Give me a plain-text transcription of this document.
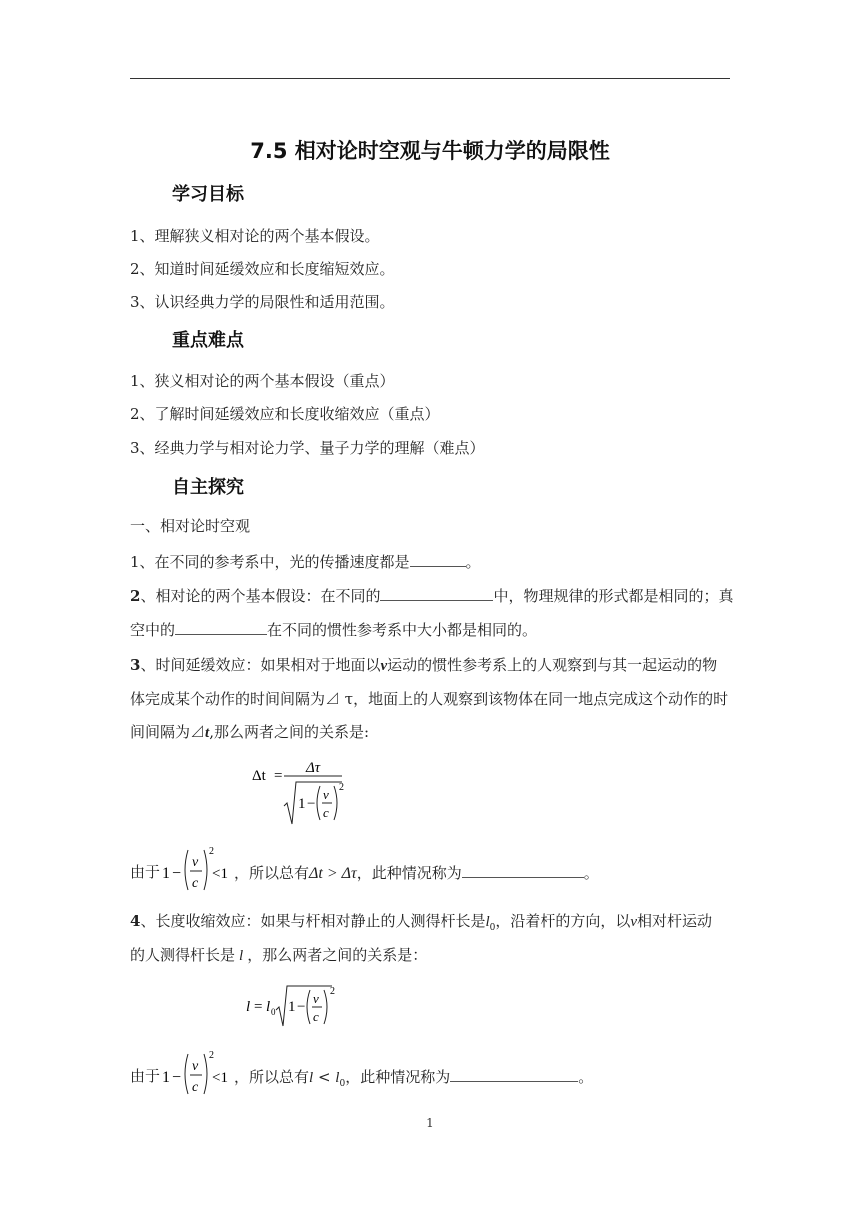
7.5 相对论时空观与牛顿力学的局限性
学习目标
1、理解狭义相对论的两个基本假设。
2、知道时间延缓效应和长度缩短效应。
3、认识经典力学的局限性和适用范围。
重点难点
1、狭义相对论的两个基本假设（重点）
2、了解时间延缓效应和长度收缩效应（重点）
3、经典力学与相对论力学、量子力学的理解（难点）
自主探究
一、相对论时空观
1、在不同的参考系中，光的传播速度都是	。
2、相对论的两个基本假设：在不同的	中，物理规律的形式都是相同的；真
空中的	在不同的惯性参考系中大小都是相同的。
3、时间延缓效应：如果相对于地面以v运动的惯性参考系上的人观察到与其一起运动的物
体完成某个动作的时间间隔为⊿ τ，地面上的人观察到该物体在同一地点完成这个动作的时
间间隔为⊿t,那么两者之间的关系是:
Δt = Δτ
1 −
v
c
2
由于 1 −
v
c
2
<1 ，所以总有Δt > Δτ，此种情况称为	。
4、长度收缩效应：如果与杆相对静止的人测得杆长是$l_0$，沿着杆的方向，以v相对杆运动
的人测得杆长是 l ，那么两者之间的关系是：
l = l 0 1 −
v
c
2
由于 1 −
v
c
2
<1 ，所以总有$l < l_0$，此种情况称为	。
1
